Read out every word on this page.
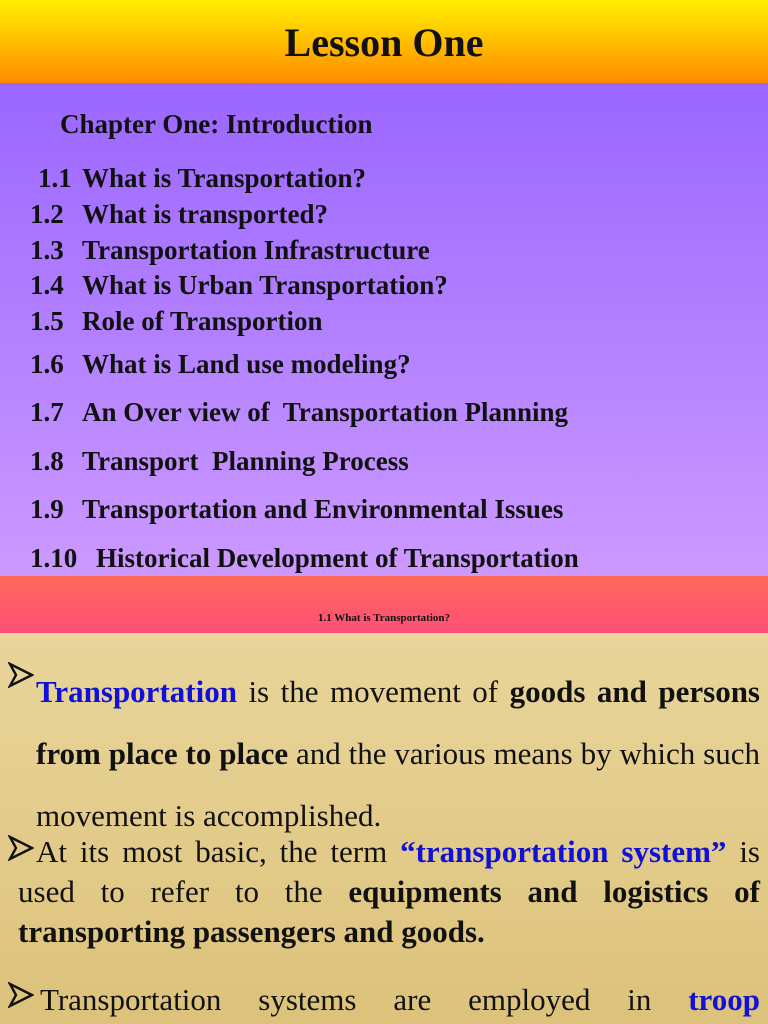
Lesson One
Chapter One: Introduction
1.1 What is Transportation?
1.2 What is transported?
1.3 Transportation Infrastructure
1.4 What is Urban Transportation?
1.5 Role of Transportion
1.6 What is Land use modeling?
1.7 An Over view of  Transportation Planning
1.8 Transport  Planning Process
1.9 Transportation and Environmental Issues
1.10 Historical Development of Transportation
1.1 What is Transportation?
Transportation is the movement of goods and persons from place to place and the various means by which such movement is accomplished.
At its most basic, the term “transportation system” is used to refer to the equipments and logistics of transporting passengers and goods.
Transportation systems are employed in troop
